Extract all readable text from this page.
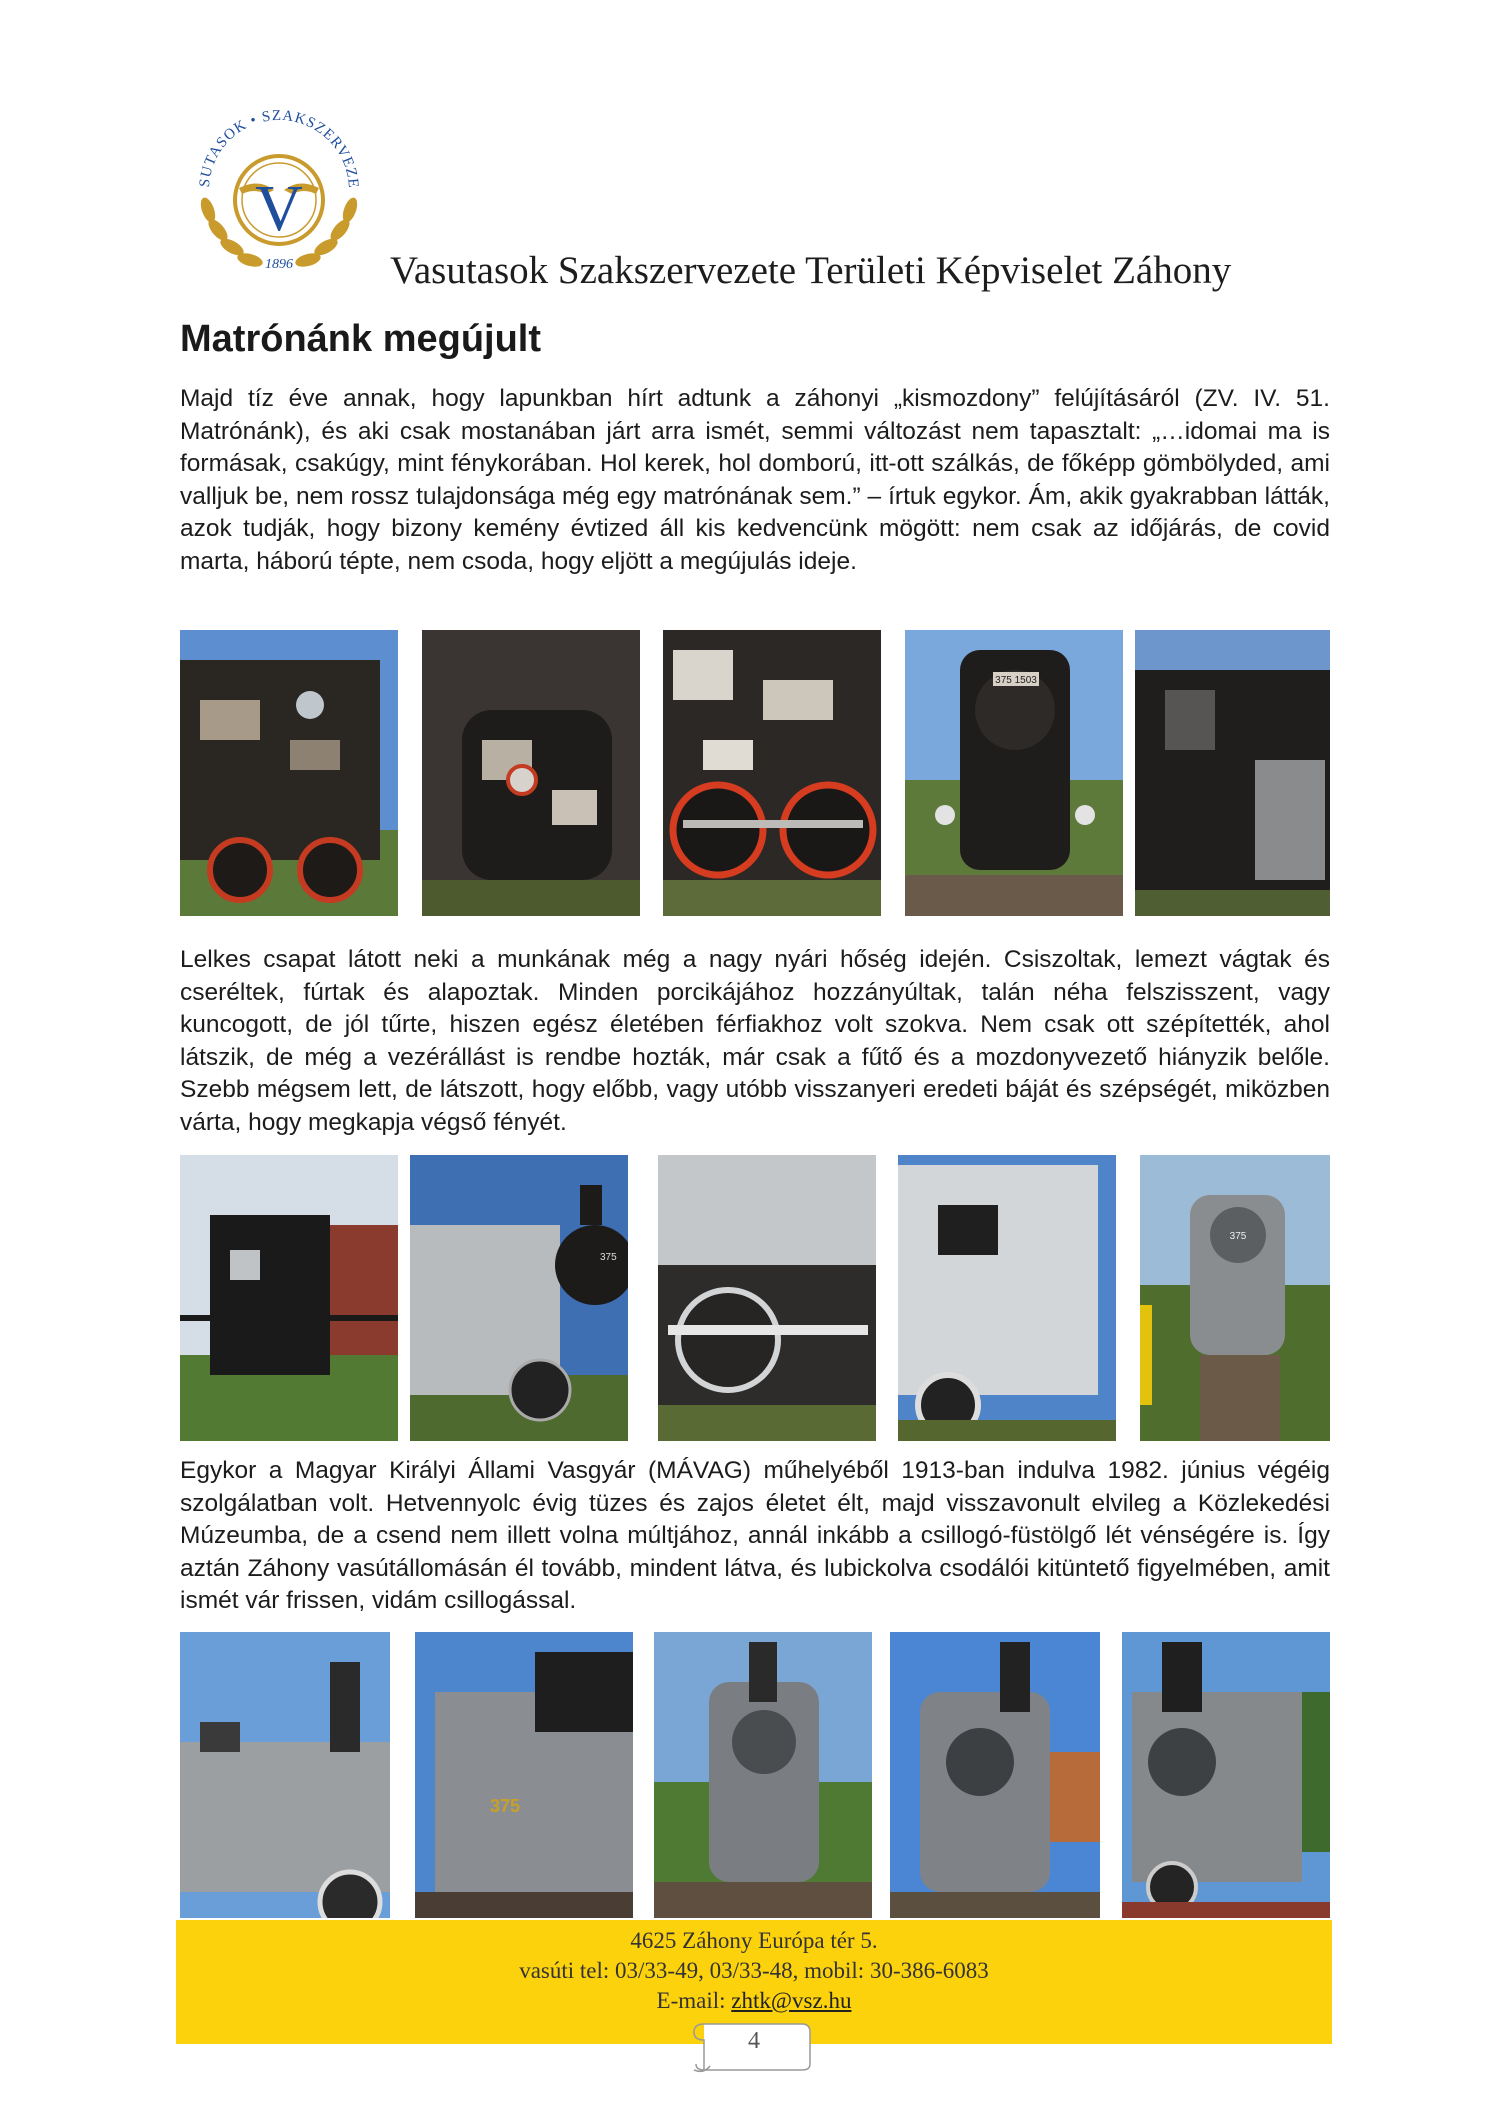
SUTASOK • SZAKSZERVEZE
V
1896 Vasutasok Szakszervezete Területi Képviselet Záhony
Matrónánk megújult

Majd tíz éve annak, hogy lapunkban hírt adtunk a záhonyi „kismozdony” felújításáról (ZV. IV. 51. Matrónánk), és aki csak mostanában járt arra ismét, semmi változást nem tapasztalt: „…idomai ma is formásak, csakúgy, mint fénykorában. Hol kerek, hol domború, itt-ott szálkás, de főképp gömbölyded, ami valljuk be, nem rossz tulajdonsága még egy matrónának sem.” – írtuk egykor. Ám, akik gyakrabban látták, azok tudják, hogy bizony kemény évtized áll kis kedvencünk mögött: nem csak az időjárás, de covid marta, háború tépte, nem csoda, hogy eljött a megújulás ideje.

375 1503

Lelkes csapat látott neki a munkának még a nagy nyári hőség idején. Csiszoltak, lemezt vágtak és cseréltek, fúrtak és alapoztak. Minden porcikájához hozzányúltak, talán néha felszisszent, vagy kuncogott, de jól tűrte, hiszen egész életében férfiakhoz volt szokva. Nem csak ott szépítették, ahol látszik, de még a vezérállást is rendbe hozták, már csak a fűtő és a mozdonyvezető hiányzik belőle. Szebb mégsem lett, de látszott, hogy előbb, vagy utóbb visszanyeri eredeti báját és szépségét, miközben várta, hogy megkapja végső fényét.

375
375

Egykor a Magyar Királyi Állami Vasgyár (MÁVAG) műhelyéből 1913-ban indulva 1982. június végéig szolgálatban volt. Hetvennyolc évig tüzes és zajos életet élt, majd visszavonult elvileg a Közlekedési Múzeumba, de a csend nem illett volna múltjához, annál inkább a csillogó-füstölgő lét vénségére is. Így aztán Záhony vasútállomásán él tovább, mindent látva, és lubickolva csodálói kitüntető figyelmében, amit ismét vár frissen, vidám csillogással.

375
4625 Záhony Európa tér 5.
vasúti tel: 03/33-49, 03/33-48, mobil: 30-386-6083
E-mail: zhtk@vsz.hu
4
